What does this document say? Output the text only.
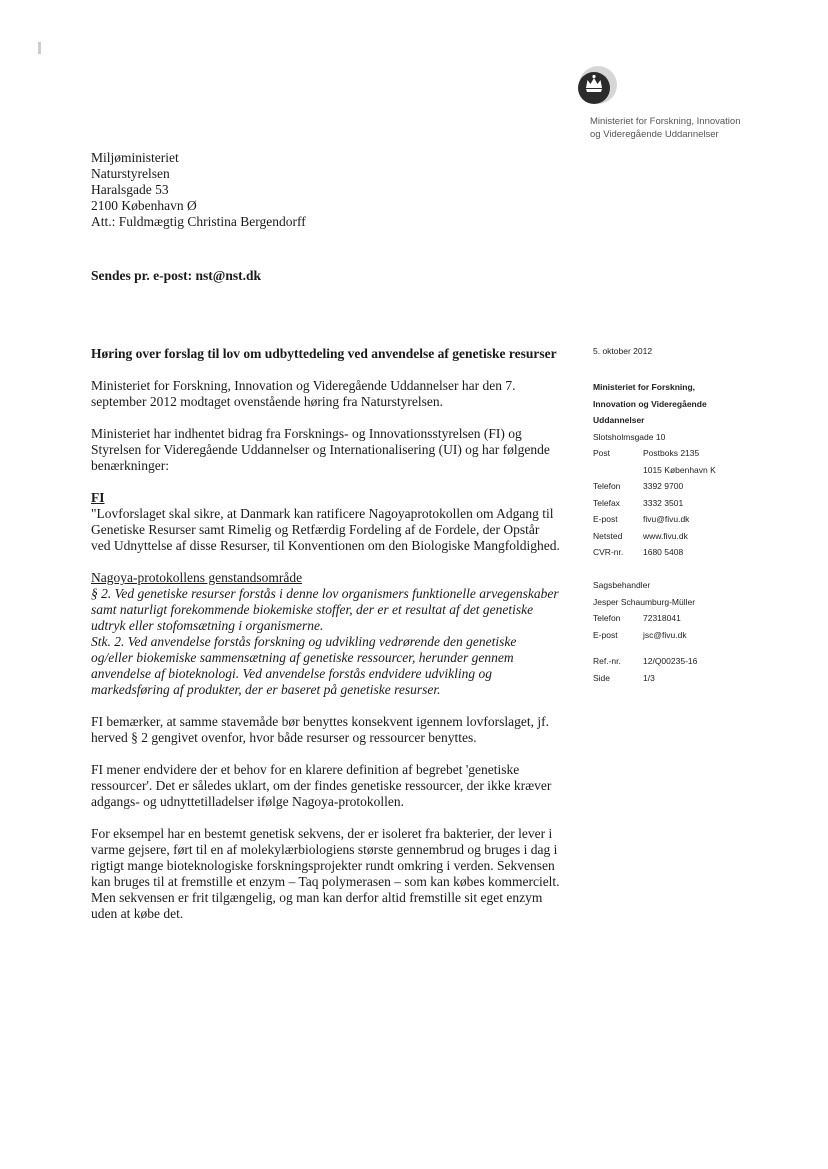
Ministeriet for Forskning, Innovation
og Videregående Uddannelser
Miljøministeriet
Naturstyrelsen
Haralsgade 53
2100 København Ø
Att.: Fuldmægtig Christina Bergendorff
Sendes pr. e-post: nst@nst.dk

Høring over forslag til lov om udbyttedeling ved anvendelse af genetiske resurser

Ministeriet for Forskning, Innovation og Videregående Uddannelser har den 7. september 2012 modtaget ovenstående høring fra Naturstyrelsen.

Ministeriet har indhentet bidrag fra Forsknings- og Innovationsstyrelsen (FI) og Styrelsen for Videregående Uddannelser og Internationalisering (UI) og har følgende benærkninger:

FI

"Lovforslaget skal sikre, at Danmark kan ratificere Nagoyaprotokollen om Adgang til Genetiske Resurser samt Rimelig og Retfærdig Fordeling af de Fordele, der Opstår ved Udnyttelse af disse Resurser, til Konventionen om den Biologiske Mangfoldighed.

Nagoya-protokollens genstandsområde
§ 2. Ved genetiske resurser forstås i denne lov organismers funktionelle arvegenskaber samt naturligt forekommende biokemiske stoffer, der er et resultat af det genetiske udtryk eller stofomsætning i organismerne.

Stk. 2. Ved anvendelse forstås forskning og udvikling vedrørende den genetiske og/eller biokemiske sammensætning af genetiske ressourcer, herunder gennem anvendelse af bioteknologi. Ved anvendelse forstås endvidere udvikling og markedsføring af produkter, der er baseret på genetiske resurser.

FI bemærker, at samme stavemåde bør benyttes konsekvent igennem lovforslaget, jf. herved § 2 gengivet ovenfor, hvor både resurser og ressourcer benyttes.

FI mener endvidere der et behov for en klarere definition af begrebet 'genetiske ressourcer'. Det er således uklart, om der findes genetiske ressourcer, der ikke kræver adgangs- og udnyttetilladelser ifølge Nagoya-protokollen.

For eksempel har en bestemt genetisk sekvens, der er isoleret fra bakterier, der lever i varme gejsere, ført til en af molekylærbiologiens største gennembrud og bruges i dag i rigtigt mange bioteknologiske forskningsprojekter rundt omkring i verden. Sekvensen kan bruges til at fremstille et enzym – Taq polymerasen – som kan købes kommercielt. Men sekvensen er frit tilgængelig, og man kan derfor altid fremstille sit eget enzym uden at købe det.

5. oktober 2012
Ministeriet for Forskning,
Innovation og Videregående
Uddannelser
Slotsholmsgade 10
Post	Postboks 2135
1015 København K
Telefon	3392 9700
Telefax	3332 3501
E-post	fivu@fivu.dk
Netsted	www.fivu.dk
CVR-nr.	1680 5408
Sagsbehandler
Jesper Schaumburg-Müller
Telefon	72318041
E-post	jsc@fivu.dk
Ref.-nr.	12/Q00235-16
Side	1/3
